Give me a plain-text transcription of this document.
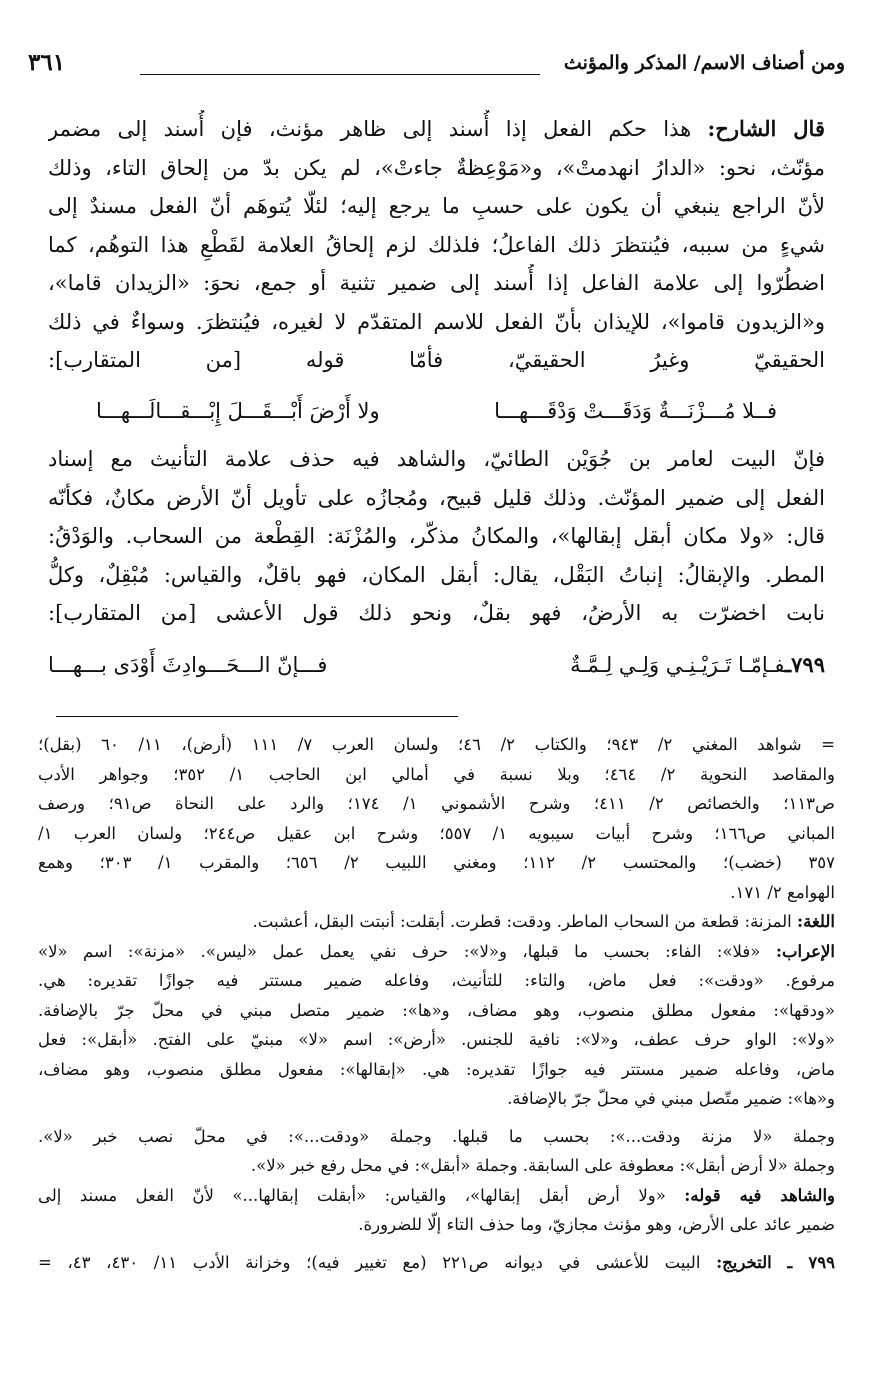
ومن أصناف الاسم/ المذكر والمؤنث
٣٦١
قال الشارح: هذا حكم الفعل إذا أُسند إلى ظاهر مؤنث، فإن أُسند إلى مضمر
مؤنّث، نحو: «الدارُ انهدمتْ»، و«مَوْعِظةٌ جاءتْ»، لم يكن بدّ من إلحاق التاء، وذلك
لأنّ الراجع ينبغي أن يكون على حسبِ ما يرجع إليه؛ لئلّا يُتوهَم أنّ الفعل مسندٌ إلى
شيءٍ من سببه، فيُنتظرَ ذلك الفاعلُ؛ فلذلك لزم إلحاقُ العلامة لقَطْعِ هذا التوهُم، كما
اضطُرّوا إلى علامة الفاعل إذا أُسند إلى ضمير تثنية أو جمع، نحوَ: «الزيدان قاما»،
و«الزيدون قاموا»، للإيذان بأنّ الفعل للاسم المتقدّم لا لغيره، فيُنتظرَ. وسواءٌ في ذلك
الحقيقيّ وغيرُ الحقيقيّ، فأمّا قوله [من المتقارب]:
فــلا مُـــزْنَـــةٌ وَدَقَـــتْ وَدْقَـــهـــا
ولا أَرْضَ أَبْـــقَـــلَ إِبْـــقـــالَـــهـــا
فإنّ البيت لعامر بن جُوَيْن الطائيّ، والشاهد فيه حذف علامة التأنيث مع إسناد
الفعل إلى ضمير المؤنّث. وذلك قليل قبيح، ومُجازُه على تأويل أنّ الأرض مكانٌ، فكأنّه
قال: «ولا مكان أبقل إبقالها»، والمكانُ مذكّر، والمُزْنَة: القِطْعة من السحاب. والوَدْقُ:
المطر. والإبقالُ: إنباتُ البَقْل، يقال: أبقل المكان، فهو باقلٌ، والقياس: مُبْقِلٌ، وكلُّ
نابت اخضرّت به الأرضُ، فهو بقلٌ، ونحو ذلك قول الأعشى [من المتقارب]:
٧٩٩ـفـإمّـا تَـرَيْـنِـي وَلِـي لِـمَّـةٌ
فـــإنّ الـــحَـــوادِثَ أَوْدَى بـــهـــا
= شواهد المغني ٢/ ٩٤٣؛ والكتاب ٢/ ٤٦؛ ولسان العرب ٧/ ١١١ (أرض)، ١١/ ٦٠ (بقل)؛
والمقاصد النحوية ٢/ ٤٦٤؛ وبلا نسبة في أمالي ابن الحاجب ١/ ٣٥٢؛ وجواهر الأدب
ص١١٣؛ والخصائص ٢/ ٤١١؛ وشرح الأشموني ١/ ١٧٤؛ والرد على النحاة ص٩١؛ ورصف
المباني ص١٦٦؛ وشرح أبيات سيبويه ١/ ٥٥٧؛ وشرح ابن عقيل ص٢٤٤؛ ولسان العرب ١/
٣٥٧ (خضب)؛ والمحتسب ٢/ ١١٢؛ ومغني اللبيب ٢/ ٦٥٦؛ والمقرب ١/ ٣٠٣؛ وهمع
الهوامع ٢/ ١٧١.
اللغة: المزنة: قطعة من السحاب الماطر. ودقت: قطرت. أبقلت: أنبتت البقل، أعشبت.
الإعراب: «فلا»: الفاء: بحسب ما قبلها، و«لا»: حرف نفي يعمل عمل «ليس». «مزنة»: اسم «لا»
مرفوع. «ودقت»: فعل ماض، والتاء: للتأنيث، وفاعله ضمير مستتر فيه جوازًا تقديره: هي.
«ودقها»: مفعول مطلق منصوب، وهو مضاف، و«ها»: ضمير متصل مبني في محلّ جرّ بالإضافة.
«ولا»: الواو حرف عطف، و«لا»: نافية للجنس. «أرض»: اسم «لا» مبنيّ على الفتح. «أبقل»: فعل
ماض، وفاعله ضمير مستتر فيه جوازًا تقديره: هي. «إبقالها»: مفعول مطلق منصوب، وهو مضاف،
و«ها»: ضمير متّصل مبني في محلّ جرّ بالإضافة.
وجملة «لا مزنة ودقت...»: بحسب ما قبلها. وجملة «ودقت...»: في محلّ نصب خبر «لا».
وجملة «لا أرض أبقل»: معطوفة على السابقة. وجملة «أبقل»: في محل رفع خبر «لا».
والشاهد فيه قوله: «ولا أرض أبقل إبقالها»، والقياس: «أبقلت إبقالها...» لأنّ الفعل مسند إلى
ضمير عائد على الأرض، وهو مؤنث مجازيّ، وما حذف التاء إلّا للضرورة.
٧٩٩ ـ التخريج: البيت للأعشى في ديوانه ص٢٢١ (مع تغيير فيه)؛ وخزانة الأدب ١١/ ٤٣٠، ٤٣، =
